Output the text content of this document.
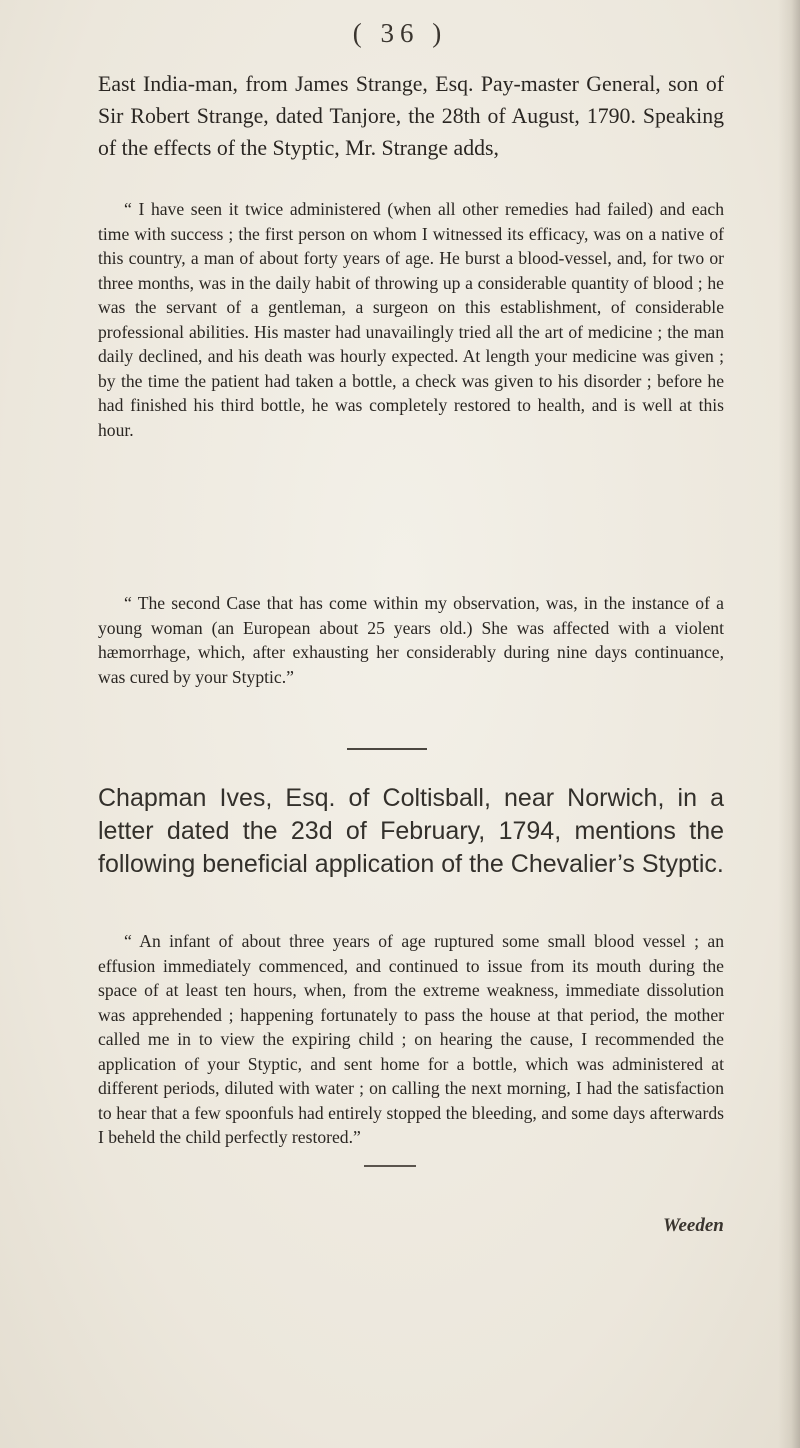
( 36 )

East India-man, from James Strange, Esq. Pay-master General, son of Sir Robert Strange, dated Tanjore, the 28th of August, 1790. Speaking of the effects of the Styptic, Mr. Strange adds,

“ I have seen it twice administered (when all other remedies had failed) and each time with success ; the first person on whom I witnessed its efficacy, was on a native of this country, a man of about forty years of age. He burst a blood-vessel, and, for two or three months, was in the daily habit of throwing up a considerable quantity of blood ; he was the servant of a gentleman, a surgeon on this establishment, of considerable professional abilities. His master had unavailingly tried all the art of medicine ; the man daily declined, and his death was hourly expected. At length your medicine was given ; by the time the patient had taken a bottle, a check was given to his disorder ; before he had finished his third bottle, he was completely restored to health, and is well at this hour.

“ The second Case that has come within my observation, was, in the instance of a young woman (an European about 25 years old.) She was affected with a violent hæmorrhage, which, after exhausting her considerably during nine days continuance, was cured by your Styptic.”

Chapman Ives, Esq. of Coltisball, near Norwich, in a letter dated the 23d of February, 1794, mentions the following beneficial application of the Chevalier’s Styptic.

“ An infant of about three years of age ruptured some small blood vessel ; an effusion immediately commenced, and continued to issue from its mouth during the space of at least ten hours, when, from the extreme weakness, immediate dissolution was apprehended ; happening fortunately to pass the house at that period, the mother called me in to view the expiring child ; on hearing the cause, I recommended the application of your Styptic, and sent home for a bottle, which was administered at different periods, diluted with water ; on calling the next morning, I had the satisfaction to hear that a few spoonfuls had entirely stopped the bleeding, and some days afterwards I beheld the child perfectly restored.”

Weeden
